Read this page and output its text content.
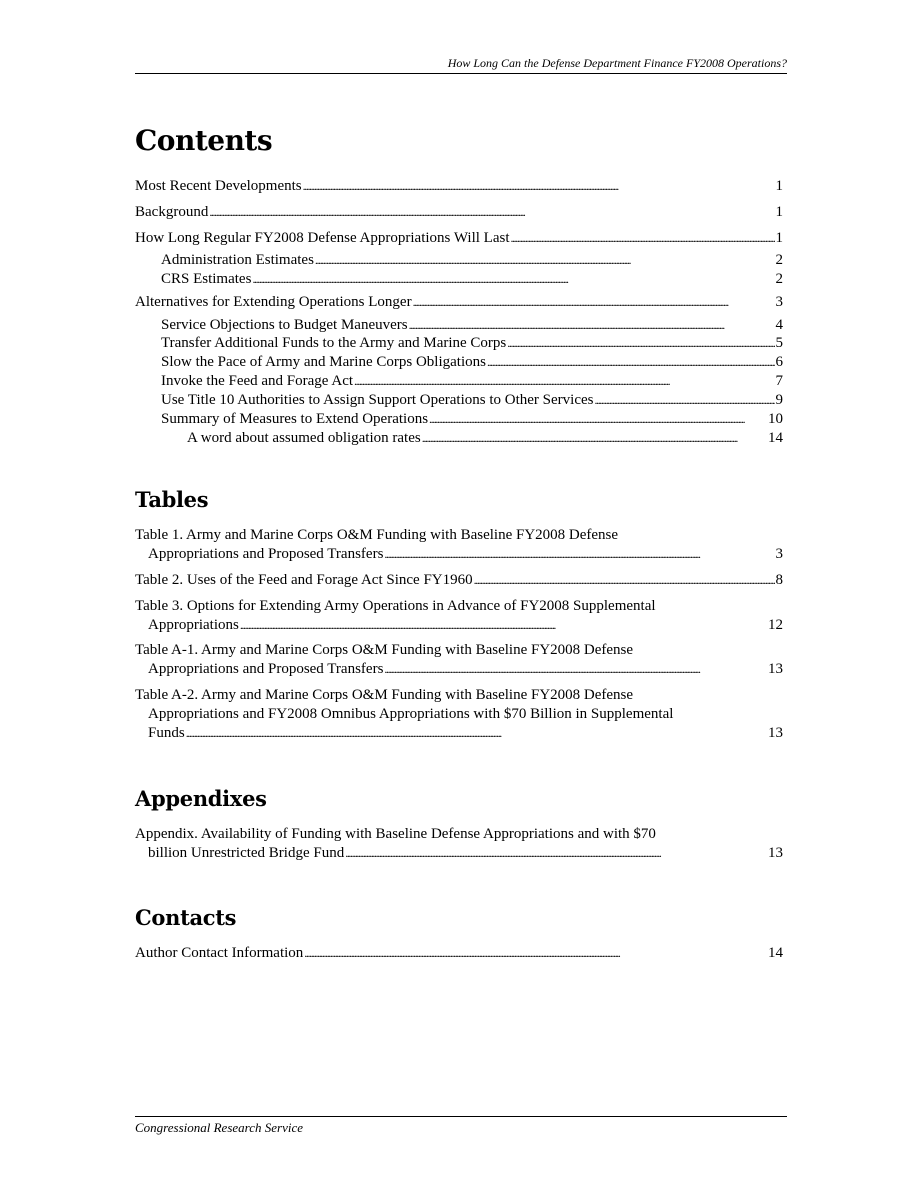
How Long Can the Defense Department Finance FY2008 Operations?
Contents
Most Recent Developments . . .	1
Background . . .	1
How Long Regular FY2008 Defense Appropriations Will Last . . .	1
Administration Estimates . . .	2
CRS Estimates . . .	2
Alternatives for Extending Operations Longer . . .	3
Service Objections to Budget Maneuvers . . .	4
Transfer Additional Funds to the Army and Marine Corps . . .	5
Slow the Pace of Army and Marine Corps Obligations . . .	6
Invoke the Feed and Forage Act . . .	7
Use Title 10 Authorities to Assign Support Operations to Other Services . . .	9
Summary of Measures to Extend Operations . . .	10
A word about assumed obligation rates . . .	14
Tables
Table 1. Army and Marine Corps O&M Funding with Baseline FY2008 Defense
Appropriations and Proposed Transfers . . .	3
Table 2. Uses of the Feed and Forage Act Since FY1960 . . .	8
Table 3. Options for Extending Army Operations in Advance of FY2008 Supplemental
Appropriations . . .	12
Table A-1. Army and Marine Corps O&M Funding with Baseline FY2008 Defense
Appropriations and Proposed Transfers . . .	13
Table A-2. Army and Marine Corps O&M Funding with Baseline FY2008 Defense
Appropriations and FY2008 Omnibus Appropriations with $70 Billion in Supplemental
Funds . . .	13
Appendixes
Appendix. Availability of Funding with Baseline Defense Appropriations and with $70
billion Unrestricted Bridge Fund . . .	13
Contacts
Author Contact Information . . .	14
Congressional Research Service
